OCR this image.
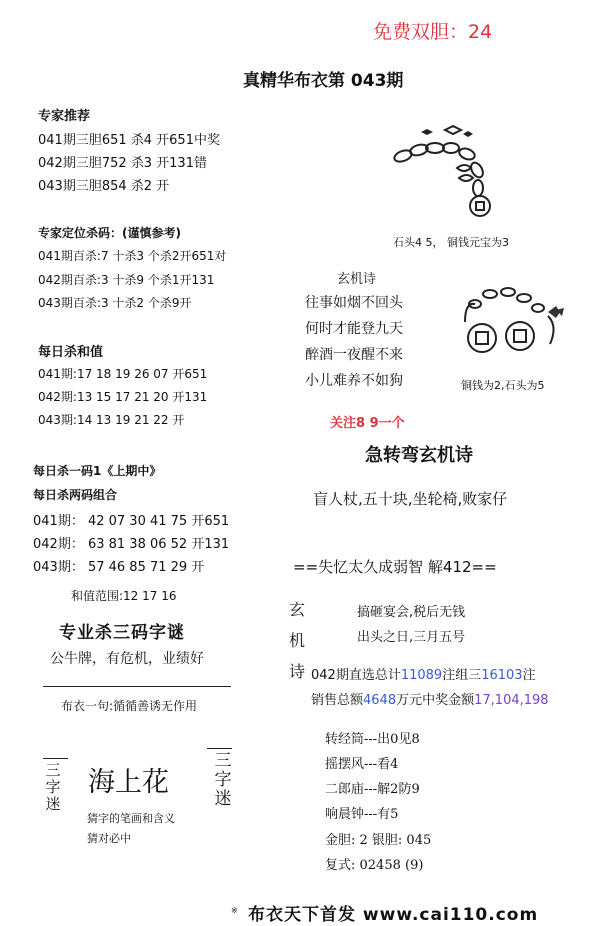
免费双胆：24
真精华布衣第 043期
专家推荐
041期三胆651 杀4 开651中奖
042期三胆752 杀3 开131错
043期三胆854 杀2 开
专家定位杀码：(谨慎参考)
041期百杀:7 十杀3 个杀2开651对
042期百杀:3 十杀9 个杀1开131
043期百杀:3 十杀2 个杀9开
每日杀和值
041期:17 18 19 26 07 开651
042期:13 15 17 21 20 开131
043期:14 13 19 21 22 开
每日杀一码1《上期中》
每日杀两码组合
041期： 42 07 30 41 75 开651
042期： 63 81 38 06 52 开131
043期： 57 46 85 71 29 开
和值范围:12 17 16
专业杀三码字谜
公牛牌，有危机，业绩好
布衣一句:循循善诱无作用
三字迷
海上花
三字迷
猜字的笔画和含义
猜对必中
石头4 5， 铜钱元宝为3
铜钱为2,石头为5
玄机诗
往事如烟不回头
何时才能登九天
醉酒一夜醒不来
小儿难养不如狗
关注8 9一个
急转弯玄机诗
盲人杖,五十块,坐轮椅,败家仔
==失忆太久成弱智 解412==
玄
机
诗
搞砸宴会,税后无钱
出头之日,三月五号
042期直选总计11089注组三16103注
销售总额4648万元中奖金额17,104,198
转经筒---出0见8
摇摆风---看4
二郎庙---解2防9
响晨钟---有5
金胆: 2 银胆: 045
复式: 02458 (9)
※ 布衣天下首发 www.cai110.com
